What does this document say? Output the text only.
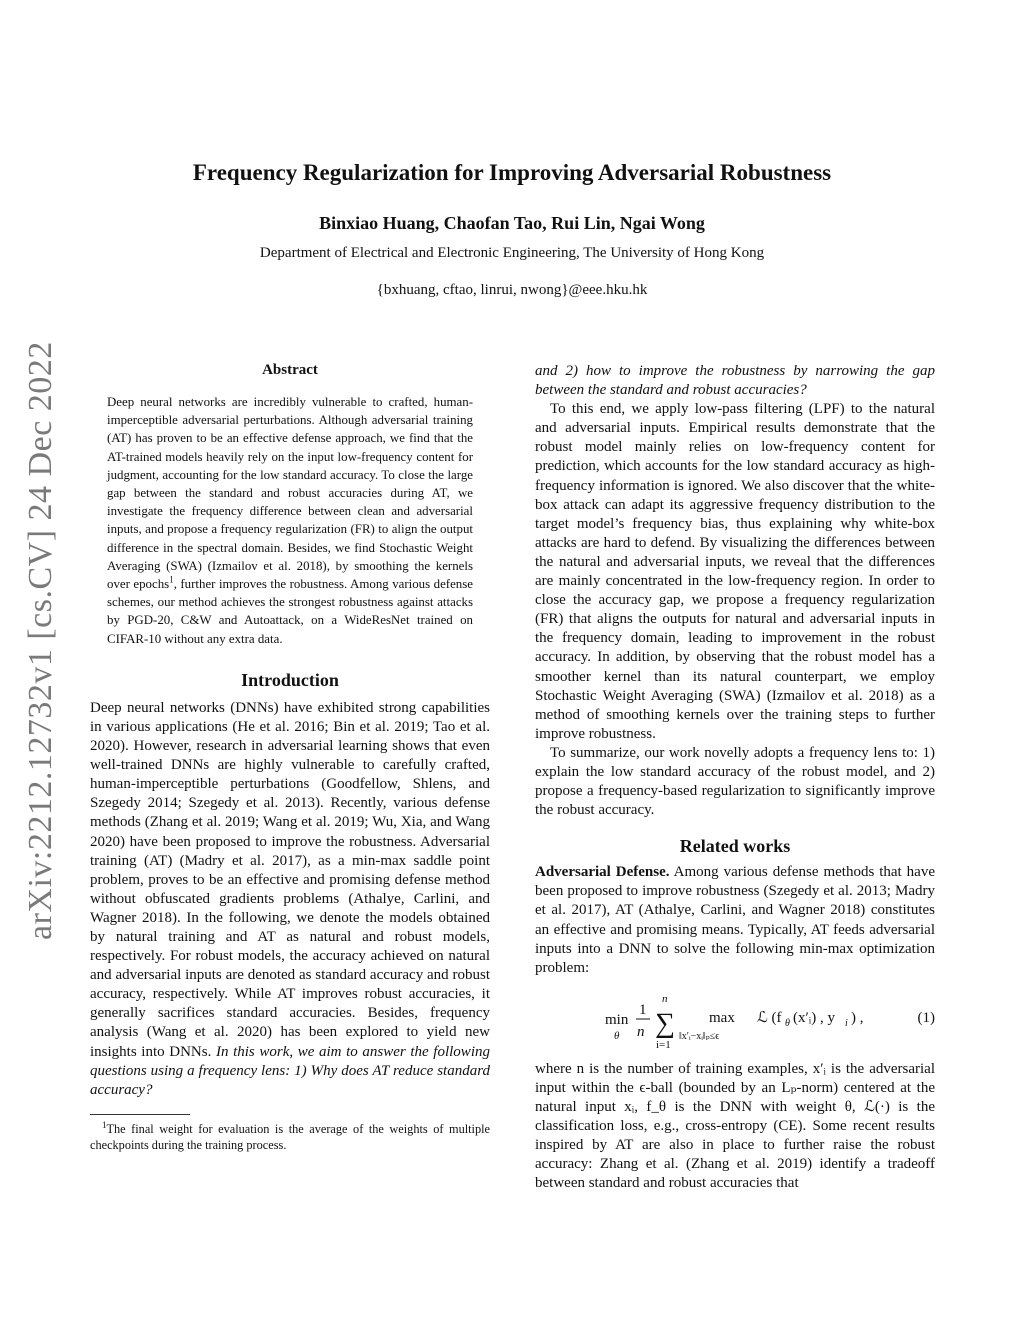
arXiv:2212.12732v1 [cs.CV] 24 Dec 2022
Frequency Regularization for Improving Adversarial Robustness
Binxiao Huang, Chaofan Tao, Rui Lin, Ngai Wong
Department of Electrical and Electronic Engineering, The University of Hong Kong
{bxhuang, cftao, linrui, nwong}@eee.hku.hk
Abstract

Deep neural networks are incredibly vulnerable to crafted, human-imperceptible adversarial perturbations. Although adversarial training (AT) has proven to be an effective defense approach, we find that the AT-trained models heavily rely on the input low-frequency content for judgment, accounting for the low standard accuracy. To close the large gap between the standard and robust accuracies during AT, we investigate the frequency difference between clean and adversarial inputs, and propose a frequency regularization (FR) to align the output difference in the spectral domain. Besides, we find Stochastic Weight Averaging (SWA) (Izmailov et al. 2018), by smoothing the kernels over epochs$^1$, further improves the robustness. Among various defense schemes, our method achieves the strongest robustness against attacks by PGD-20, C&W and Autoattack, on a WideResNet trained on CIFAR-10 without any extra data.

Introduction

Deep neural networks (DNNs) have exhibited strong capabilities in various applications (He et al. 2016; Bin et al. 2019; Tao et al. 2020). However, research in adversarial learning shows that even well-trained DNNs are highly vulnerable to carefully crafted, human-imperceptible perturbations (Goodfellow, Shlens, and Szegedy 2014; Szegedy et al. 2013). Recently, various defense methods (Zhang et al. 2019; Wang et al. 2019; Wu, Xia, and Wang 2020) have been proposed to improve the robustness. Adversarial training (AT) (Madry et al. 2017), as a min-max saddle point problem, proves to be an effective and promising defense method without obfuscated gradients problems (Athalye, Carlini, and Wagner 2018). In the following, we denote the models obtained by natural training and AT as natural and robust models, respectively. For robust models, the accuracy achieved on natural and adversarial inputs are denoted as standard accuracy and robust accuracy, respectively. While AT improves robust accuracies, it generally sacrifices standard accuracies. Besides, frequency analysis (Wang et al. 2020) has been explored to yield new insights into DNNs. In this work, we aim to answer the following questions using a frequency lens: 1) Why does AT reduce standard accuracy?

$^1$The final weight for evaluation is the average of the weights of multiple checkpoints during the training process.

and 2) how to improve the robustness by narrowing the gap between the standard and robust accuracies?

To this end, we apply low-pass filtering (LPF) to the natural and adversarial inputs. Empirical results demonstrate that the robust model mainly relies on low-frequency content for prediction, which accounts for the low standard accuracy as high-frequency information is ignored. We also discover that the white-box attack can adapt its aggressive frequency distribution to the target model’s frequency bias, thus explaining why white-box attacks are hard to defend. By visualizing the differences between the natural and adversarial inputs, we reveal that the differences are mainly concentrated in the low-frequency region. In order to close the accuracy gap, we propose a frequency regularization (FR) that aligns the outputs for natural and adversarial inputs in the frequency domain, leading to improvement in the robust accuracy. In addition, by observing that the robust model has a smoother kernel than its natural counterpart, we employ Stochastic Weight Averaging (SWA) (Izmailov et al. 2018) as a method of smoothing kernels over the training steps to further improve robustness.

To summarize, our work novelly adopts a frequency lens to: 1) explain the low standard accuracy of the robust model, and 2) propose a frequency-based regularization to significantly improve the robust accuracy.

Related works

Adversarial Defense. Among various defense methods that have been proposed to improve robustness (Szegedy et al. 2013; Madry et al. 2017), AT (Athalye, Carlini, and Wagner 2018) constitutes an effective and promising means. Typically, AT feeds adversarial inputs into a DNN to solve the following min-max optimization problem:

min
θ
1
n ∑
n
i=1
max
‖x′ᵢ−xᵢ‖ₚ≤ϵ
ℒ (f θ (x′ᵢ) , y i ) ,	(1)

where n is the number of training examples, x′ᵢ is the adversarial input within the ϵ-ball (bounded by an Lₚ-norm) centered at the natural input xᵢ, f_θ is the DNN with weight θ, ℒ(·) is the classification loss, e.g., cross-entropy (CE). Some recent results inspired by AT are also in place to further raise the robust accuracy: Zhang et al. (Zhang et al. 2019) identify a tradeoff between standard and robust accuracies that
